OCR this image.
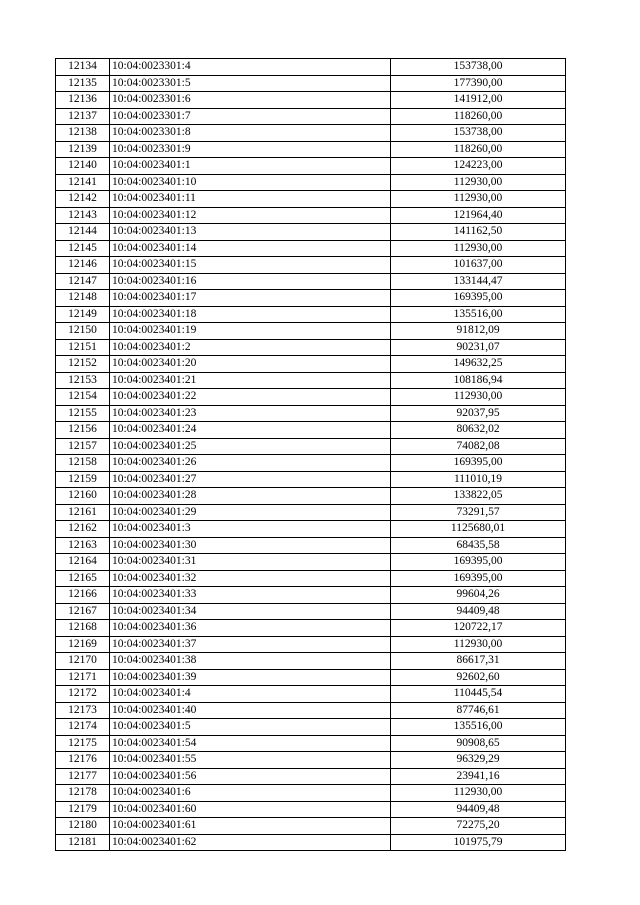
12134	10:04:0023301:4	153738,00
12135	10:04:0023301:5	177390,00
12136	10:04:0023301:6	141912,00
12137	10:04:0023301:7	118260,00
12138	10:04:0023301:8	153738,00
12139	10:04:0023301:9	118260,00
12140	10:04:0023401:1	124223,00
12141	10:04:0023401:10	112930,00
12142	10:04:0023401:11	112930,00
12143	10:04:0023401:12	121964,40
12144	10:04:0023401:13	141162,50
12145	10:04:0023401:14	112930,00
12146	10:04:0023401:15	101637,00
12147	10:04:0023401:16	133144,47
12148	10:04:0023401:17	169395,00
12149	10:04:0023401:18	135516,00
12150	10:04:0023401:19	91812,09
12151	10:04:0023401:2	90231,07
12152	10:04:0023401:20	149632,25
12153	10:04:0023401:21	108186,94
12154	10:04:0023401:22	112930,00
12155	10:04:0023401:23	92037,95
12156	10:04:0023401:24	80632,02
12157	10:04:0023401:25	74082,08
12158	10:04:0023401:26	169395,00
12159	10:04:0023401:27	111010,19
12160	10:04:0023401:28	133822,05
12161	10:04:0023401:29	73291,57
12162	10:04:0023401:3	1125680,01
12163	10:04:0023401:30	68435,58
12164	10:04:0023401:31	169395,00
12165	10:04:0023401:32	169395,00
12166	10:04:0023401:33	99604,26
12167	10:04:0023401:34	94409,48
12168	10:04:0023401:36	120722,17
12169	10:04:0023401:37	112930,00
12170	10:04:0023401:38	86617,31
12171	10:04:0023401:39	92602,60
12172	10:04:0023401:4	110445,54
12173	10:04:0023401:40	87746,61
12174	10:04:0023401:5	135516,00
12175	10:04:0023401:54	90908,65
12176	10:04:0023401:55	96329,29
12177	10:04:0023401:56	23941,16
12178	10:04:0023401:6	112930,00
12179	10:04:0023401:60	94409,48
12180	10:04:0023401:61	72275,20
12181	10:04:0023401:62	101975,79
